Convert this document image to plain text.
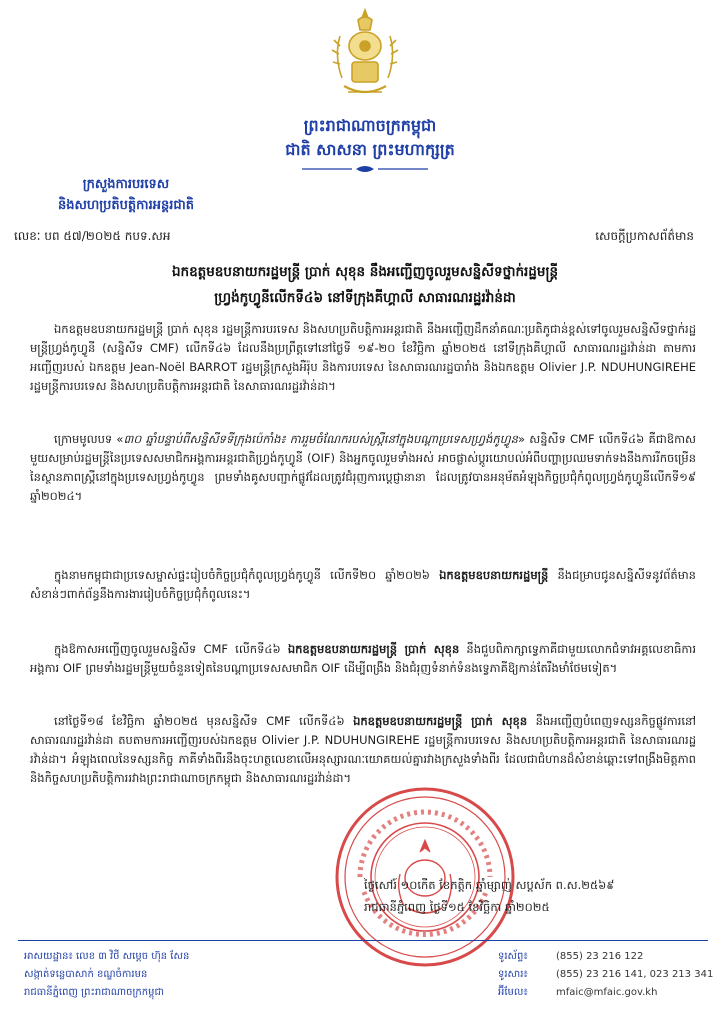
ព្រះរាជាណាចក្រកម្ពុជា
ជាតិ សាសនា ព្រះមហាក្សត្រ
ក្រសួងការបរទេស
និងសហប្រតិបត្តិការអន្តរជាតិ
លេខៈ បព ៥៧/២០២៥ កបទ.សអ	សេចក្តីប្រកាសព័ត៌មាន
ឯកឧត្តមឧបនាយករដ្ឋមន្ត្រី ប្រាក់ សុខុន នឹងអញ្ជើញចូលរួមសន្និសីទថ្នាក់រដ្ឋមន្ត្រី
ហ្វ្រង់កូហ្វូនីលើកទី៤៦ នៅទីក្រុងគីហ្គាលី សាធារណរដ្ឋរវ៉ាន់ដា

ឯកឧត្តមឧបនាយករដ្ឋមន្ត្រី ប្រាក់ សុខុន រដ្ឋមន្ត្រីការបរទេស និងសហប្រតិបត្តិការអន្តរជាតិ នឹងអញ្ជើញដឹកនាំគណៈប្រតិភូជាន់ខ្ពស់ទៅចូលរួមសន្និសីទថ្នាក់រដ្ឋមន្ត្រីហ្វ្រង់កូហ្វូនី (សន្និសីទ CMF) លើកទី៤៦ ដែលនឹងប្រព្រឹត្តទៅនៅថ្ងៃទី ១៩-២០ ខែវិច្ឆិកា ឆ្នាំ២០២៥ នៅទីក្រុងគីហ្គាលី សាធារណរដ្ឋរវ៉ាន់ដា តាមការអញ្ជើញរបស់ ឯកឧត្តម Jean-Noël BARROT រដ្ឋមន្ត្រីក្រសួងអឺរ៉ុប និងការបរទេស នៃសាធារណរដ្ឋបារាំង និងឯកឧត្តម Olivier J.P. NDUHUNGIREHE រដ្ឋមន្ត្រីការបរទេស និងសហប្រតិបត្តិការអន្តរជាតិ នៃសាធារណរដ្ឋរវ៉ាន់ដា។

ក្រោមមូលបទ «៣០ ឆ្នាំបន្ទាប់ពីសន្និសីទទីក្រុងប៉េកាំង៖ ការរួមចំណែករបស់ស្ត្រីនៅក្នុងបណ្តាប្រទេសហ្វ្រង់កូហ្វូន» សន្និសីទ CMF លើកទី៤៦ គឺជាឱកាសមួយសម្រាប់រដ្ឋមន្ត្រីនៃប្រទេសសមាជិកអង្គការអន្តរជាតិហ្វ្រង់កូហ្វូនី (OIF) និងអ្នកចូលរួមទាំងអស់ អាចផ្លាស់ប្តូរយោបល់អំពីបញ្ហាប្រឈមទាក់ទងនឹងការរីកចម្រើននៃស្ថានភាពស្ត្រីនៅក្នុងប្រទេសហ្វ្រង់កូហ្វូន ព្រមទាំងគូសបញ្ជាក់ផ្លូវដែលត្រូវជំរុញការប្តេជ្ញានានា ដែលត្រូវបានអនុម័តអំឡុងកិច្ចប្រជុំកំពូលហ្វ្រង់កូហ្វូនីលើកទី១៩ ឆ្នាំ២០២៤។

ក្នុងនាមកម្ពុជាជាប្រទេសម្ចាស់ផ្ទះរៀបចំកិច្ចប្រជុំកំពូលហ្វ្រង់កូហ្វូនី លើកទី២០ ឆ្នាំ២០២៦ ឯកឧត្តមឧបនាយករដ្ឋមន្ត្រី នឹងជម្រាបជូនសន្និសីទនូវព័ត៌មានសំខាន់ៗពាក់ព័ន្ធនឹងការងាររៀបចំកិច្ចប្រជុំកំពូលនេះ។

ក្នុងឱកាសអញ្ជើញចូលរួមសន្និសីទ CMF លើកទី៤៦ ឯកឧត្តមឧបនាយករដ្ឋមន្ត្រី ប្រាក់ សុខុន នឹងជួបពិភាក្សាទ្វេភាគីជាមួយលោកជំទាវអគ្គលេខាធិការអង្គការ OIF ព្រមទាំងរដ្ឋមន្ត្រីមួយចំនួនទៀតនៃបណ្តាប្រទេសសមាជិក OIF ដើម្បីពង្រឹង និងជំរុញទំនាក់ទំនងទ្វេភាគីឱ្យកាន់តែរឹងមាំថែមទៀត។

នៅថ្ងៃទី១៨ ខែវិច្ឆិកា ឆ្នាំ២០២៥ មុនសន្និសីទ CMF លើកទី៤៦ ឯកឧត្តមឧបនាយករដ្ឋមន្ត្រី ប្រាក់ សុខុន នឹងអញ្ជើញបំពេញទស្សនកិច្ចផ្លូវការនៅសាធារណរដ្ឋរវ៉ាន់ដា តបតាមការអញ្ជើញរបស់ឯកឧត្តម Olivier J.P. NDUHUNGIREHE រដ្ឋមន្ត្រីការបរទេស និងសហប្រតិបត្តិការអន្តរជាតិ នៃសាធារណរដ្ឋរវ៉ាន់ដា។ អំឡុងពេលនៃទស្សនកិច្ច ភាគីទាំងពីរនឹងចុះហត្ថលេខាលើអនុស្សារណៈយោគយល់គ្នារវាងក្រសួងទាំងពីរ ដែលជាជំហានដ៏សំខាន់ឆ្ពោះទៅពង្រឹងមិត្តភាព និងកិច្ចសហប្រតិបត្តិការរវាងព្រះរាជាណាចក្រកម្ពុជា និងសាធារណរដ្ឋរវ៉ាន់ដា។

ថ្ងៃសៅរ៍ ១០កើត ខែកត្តិក ឆ្នាំម្សាញ់ សប្តស័ក ព.ស.២៥៦៩
រាជធានីភ្នំពេញ ថ្ងៃទី១៥ ខែវិច្ឆិកា ឆ្នាំ២០២៥
អាសយដ្ឋាន៖ លេខ ៣ វិថី សម្តេច ហ៊ុន សែន
សង្កាត់ទន្លេបាសាក់ ខណ្ឌចំការមន
រាជធានីភ្នំពេញ ព្រះរាជាណាចក្រកម្ពុជា
ទូរស័ព្ទ៖	(855) 23 216 122
ទូរសារ៖	(855) 23 216 141, 023 213 341
អ៊ីមែល៖	mfaic@mfaic.gov.kh
